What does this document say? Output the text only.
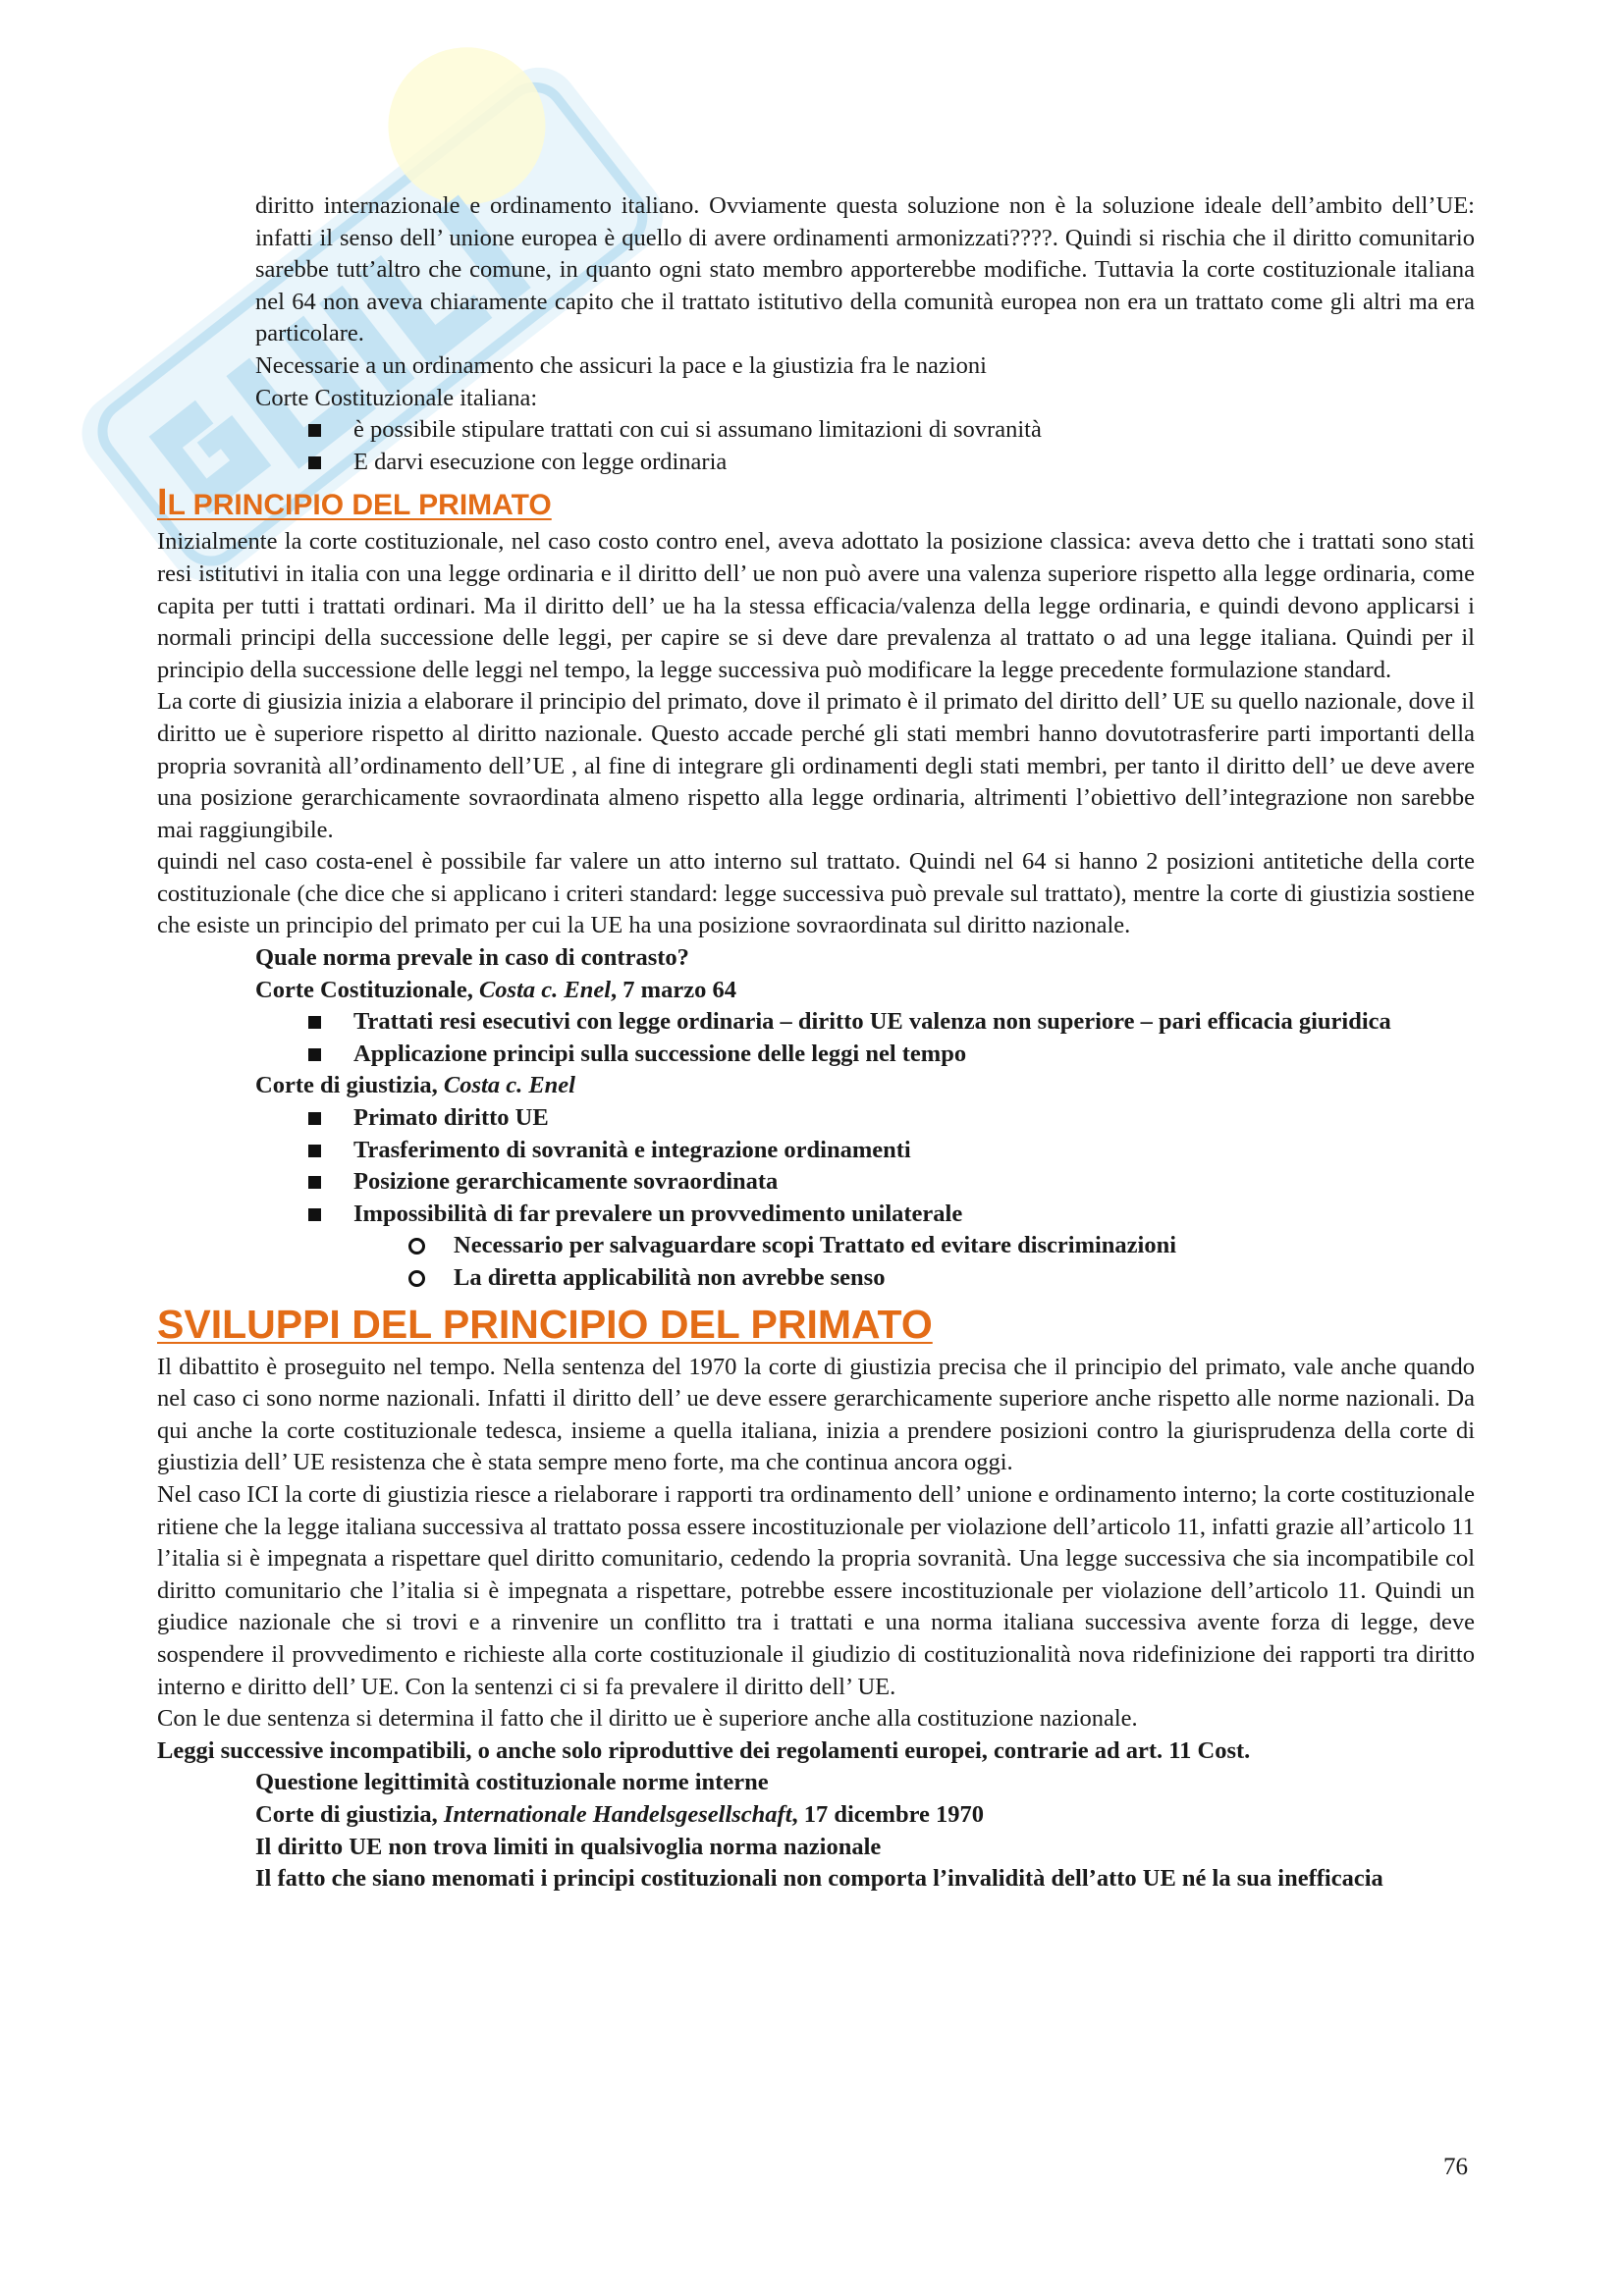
diritto internazionale e ordinamento italiano. Ovviamente questa soluzione non è la soluzione ideale dell’ambito dell’UE: infatti il senso dell’ unione europea è quello di avere ordinamenti armonizzati????. Quindi si rischia che il diritto comunitario sarebbe tutt’altro che comune, in quanto ogni stato membro apporterebbe modifiche. Tuttavia la corte costituzionale italiana nel 64 non aveva chiaramente capito che il trattato istitutivo della comunità europea non era un trattato come gli altri ma era particolare.

Necessarie a un ordinamento che assicuri la pace e la giustizia fra le nazioni
Corte Costituzionale italiana:
è possibile stipulare trattati con cui si assumano limitazioni di sovranità
E darvi esecuzione con legge ordinaria
IL PRINCIPIO DEL PRIMATO

Inizialmente la corte costituzionale, nel caso costo contro enel, aveva adottato la posizione classica: aveva detto che i trattati sono stati resi istitutivi in italia con una legge ordinaria e il diritto dell’ ue non può avere una valenza superiore rispetto alla legge ordinaria, come capita per tutti i trattati ordinari. Ma il diritto dell’ ue ha la stessa efficacia/valenza della legge ordinaria, e quindi devono applicarsi i normali principi della successione delle leggi, per capire se si deve dare prevalenza al trattato o ad una legge italiana. Quindi per il principio della successione delle leggi nel tempo, la legge successiva può modificare la legge precedente formulazione standard.

La corte di giusizia inizia a elaborare il principio del primato, dove il primato è il primato del diritto dell’ UE su quello nazionale, dove il diritto ue è superiore rispetto al diritto nazionale. Questo accade perché gli stati membri hanno dovutotrasferire parti importanti della propria sovranità all’ordinamento dell’UE , al fine di integrare gli ordinamenti degli stati membri, per tanto il diritto dell’ ue deve avere una posizione gerarchicamente sovraordinata almeno rispetto alla legge ordinaria, altrimenti l’obiettivo dell’integrazione non sarebbe mai raggiungibile.

quindi nel caso costa-enel è possibile far valere un atto interno sul trattato. Quindi nel 64 si hanno 2 posizioni antitetiche della corte costituzionale (che dice che si applicano i criteri standard: legge successiva può prevale sul trattato), mentre la corte di giustizia sostiene che esiste un principio del primato per cui la UE ha una posizione sovraordinata sul diritto nazionale.

Quale norma prevale in caso di contrasto?
Corte Costituzionale, Costa c. Enel, 7 marzo 64

Trattati resi esecutivi con legge ordinaria – diritto UE valenza non superiore – pari efficacia giuridica

Applicazione principi sulla successione delle leggi nel tempo
Corte di giustizia, Costa c. Enel
Primato diritto UE
Trasferimento di sovranità e integrazione ordinamenti
Posizione gerarchicamente sovraordinata
Impossibilità di far prevalere un provvedimento unilaterale
Necessario per salvaguardare scopi Trattato ed evitare discriminazioni
La diretta applicabilità non avrebbe senso
SVILUPPI DEL PRINCIPIO DEL PRIMATO

Il dibattito è proseguito nel tempo. Nella sentenza del 1970 la corte di giustizia precisa che il principio del primato, vale anche quando nel caso ci sono norme nazionali. Infatti il diritto dell’ ue deve essere gerarchicamente superiore anche rispetto alle norme nazionali. Da qui anche la corte costituzionale tedesca, insieme a quella italiana, inizia a prendere posizioni contro la giurisprudenza della corte di giustizia dell’ UE resistenza che è stata sempre meno forte, ma che continua ancora oggi.

Nel caso ICI la corte di giustizia riesce a rielaborare i rapporti tra ordinamento dell’ unione e ordinamento interno; la corte costituzionale ritiene che la legge italiana successiva al trattato possa essere incostituzionale per violazione dell’articolo 11, infatti grazie all’articolo 11 l’italia si è impegnata a rispettare quel diritto comunitario, cedendo la propria sovranità. Una legge successiva che sia incompatibile col diritto comunitario che l’italia si è impegnata a rispettare, potrebbe essere incostituzionale per violazione dell’articolo 11. Quindi un giudice nazionale che si trovi e a rinvenire un conflitto tra i trattati e una norma italiana successiva avente forza di legge, deve sospendere il provvedimento e richieste alla corte costituzionale il giudizio di costituzionalità nova ridefinizione dei rapporti tra diritto interno e diritto dell’ UE. Con la sentenzi ci si fa prevalere il diritto dell’ UE.

Con le due sentenza si determina il fatto che il diritto ue è superiore anche alla costituzione nazionale.

Leggi successive incompatibili, o anche solo riproduttive dei regolamenti europei, contrarie ad art. 11 Cost.

Questione legittimità costituzionale norme interne
Corte di giustizia, Internationale Handelsgesellschaft, 17 dicembre 1970
Il diritto UE non trova limiti in qualsivoglia norma nazionale

Il fatto che siano menomati i principi costituzionali non comporta l’invalidità dell’atto UE né la sua inefficacia

76
